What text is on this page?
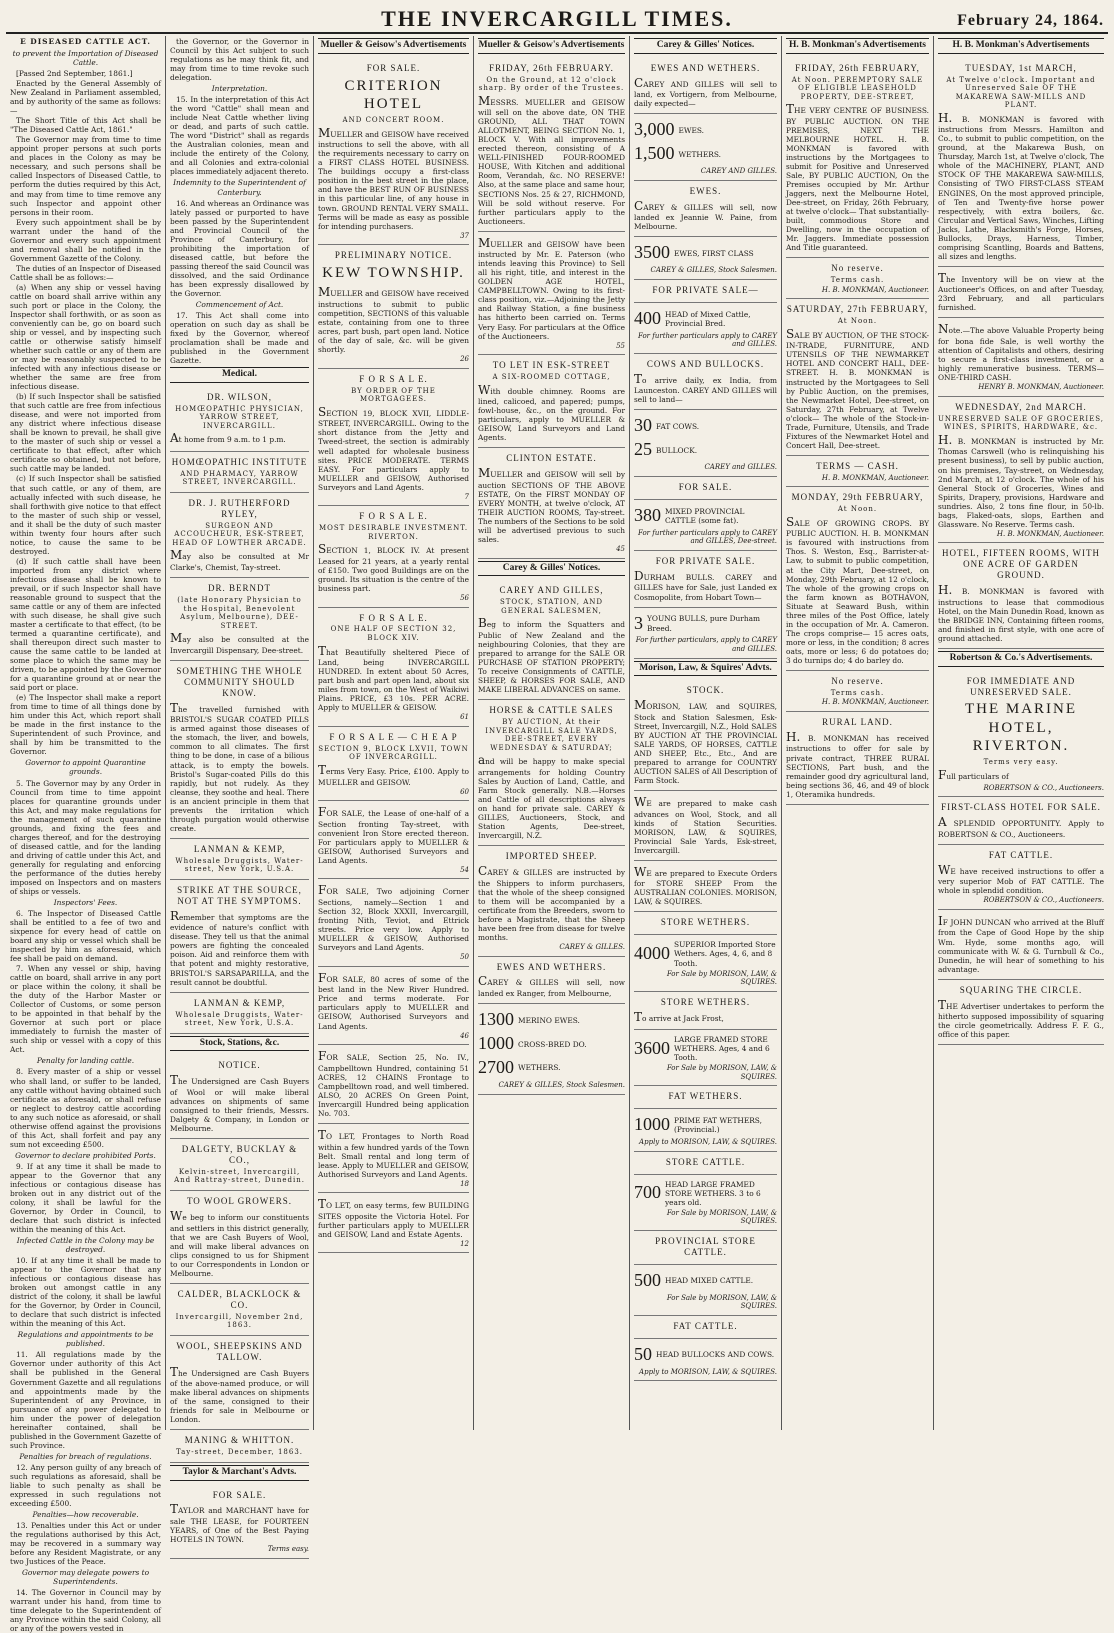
THE INVERCARGILL TIMES.	February 24, 1864.
E DISEASED CATTLE ACT.
to prevent the Importation of Diseased Cattle.

[Passed 2nd September, 1861.]

Enacted by the General Assembly of New Zealand in Parliament assembled, and by authority of the same as follows:—

The Short Title of this Act shall be "The Diseased Cattle Act, 1861."

The Governor may from time to time appoint proper persons at such ports and places in the Colony as may be necessary, and such persons shall be called Inspectors of Diseased Cattle, to perform the duties required by this Act, and may from time to time remove any such Inspector and appoint other persons in their room.

Every such appointment shall be by warrant under the hand of the Governor and every such appointment and removal shall be notified in the Government Gazette of the Colony.

The duties of an Inspector of Diseased Cattle shall be as follows:—

(a) When any ship or vessel having cattle on board shall arrive within any such port or place in the Colony, the Inspector shall forthwith, or as soon as conveniently can be, go on board such ship or vessel, and by inspecting such cattle or otherwise satisfy himself whether such cattle or any of them are or may be reasonably suspected to be infected with any infectious disease or whether the same are free from infectious disease.

(b) If such Inspector shall be satisfied that such cattle are free from infectious disease, and were not imported from any district where infectious disease shall be known to prevail, he shall give to the master of such ship or vessel a certificate to that effect, after which certificate so obtained, but not before, such cattle may be landed.

(c) If such Inspector shall be satisfied that such cattle, or any of them, are actually infected with such disease, he shall forthwith give notice to that effect to the master of such ship or vessel, and it shall be the duty of such master within twenty four hours after such notice, to cause the same to be destroyed.

(d) If such cattle shall have been imported from any district where infectious disease shall be known to prevail, or if such Inspector shall have reasonable ground to suspect that the same cattle or any of them are infected with such disease, he shall give such master a certificate to that effect, (to be termed a quarantine certificate), and shall thereupon direct such master to cause the same cattle to be landed at some place to which the same may be driven, to be appointed by the Governor for a quarantine ground at or near the said port or place.

(e) The Inspector shall make a report from time to time of all things done by him under this Act, which report shall be made in the first instance to the Superintendent of such Province, and shall by him be transmitted to the Governor.

Governor to appoint Quarantine grounds.

5. The Governor may by any Order in Council from time to time appoint places for quarantine grounds under this Act, and may make regulations for the management of such quarantine grounds, and fixing the fees and charges thereof, and for the destroying of diseased cattle, and for the landing and driving of cattle under this Act, and generally for regulating and enforcing the performance of the duties hereby imposed on Inspectors and on masters of ships or vessels.

Inspectors' Fees.

6. The Inspector of Diseased Cattle shall be entitled to a fee of two and sixpence for every head of cattle on board any ship or vessel which shall be inspected by him as aforesaid, which fee shall be paid on demand.

7. When any vessel or ship, having cattle on board, shall arrive in any port or place within the colony, it shall be the duty of the Harbor Master or Collector of Customs, or some person to be appointed in that behalf by the Governor at such port or place immediately to furnish the master of such ship or vessel with a copy of this Act.

Penalty for landing cattle.

8. Every master of a ship or vessel who shall land, or suffer to be landed, any cattle without having obtained such certificate as aforesaid, or shall refuse or neglect to destroy cattle according to any such notice as aforesaid, or shall otherwise offend against the provisions of this Act, shall forfeit and pay any sum not exceeding £500.

Governor to declare prohibited Ports.

9. If at any time it shall be made to appear to the Governor that any infectious or contagious disease has broken out in any district out of the colony, it shall be lawful for the Governor, by Order in Council, to declare that such district is infected within the meaning of this Act.

Infected Cattle in the Colony may be destroyed.

10. If at any time it shall be made to appear to the Governor that any infectious or contagious disease has broken out amongst cattle in any district of the colony, it shall be lawful for the Governor, by Order in Council, to declare that such district is infected within the meaning of this Act.

Regulations and appointments to be published.

11. All regulations made by the Governor under authority of this Act shall be published in the General Government Gazette and all regulations and appointments made by the Superintendent of any Province, in pursuance of any power delegated to him under the power of delegation hereinafter contained, shall be published in the Government Gazette of such Province.

Penalties for breach of regulations.

12. Any person guilty of any breach of such regulations as aforesaid, shall be liable to such penalty as shall be expressed in such regulations not exceeding £500.

Penalties—how recoverable.

13. Penalties under this Act or under the regulations authorised by this Act, may be recovered in a summary way before any Resident Magistrate, or any two Justices of the Peace.

Governor may delegate powers to Superintendents.

14. The Governor in Council may by warrant under his hand, from time to time delegate to the Superintendent of any Province within the said Colony, all or any of the powers vested in

the Governor, or the Governor in Council by this Act subject to such regulations as he may think fit, and may from time to time revoke such delegation.

Interpretation.

15. In the interpretation of this Act the word "Cattle" shall mean and include Neat Cattle whether living or dead, and parts of such cattle. The word "District" shall as regards the Australian colonies, mean and include the entirety of the Colony, and all Colonies and extra-colonial places immediately adjacent thereto.

Indemnity to the Superintendent of Canterbury.

16. And whereas an Ordinance was lately passed or purported to have been passed by the Superintendent and Provincial Council of the Province of Canterbury, for prohibiting the importation of diseased cattle, but before the passing thereof the said Council was dissolved, and the said Ordinance has been expressly disallowed by the Governor.

Commencement of Act.

17. This Act shall come into operation on such day as shall be fixed by the Governor, whereof proclamation shall be made and published in the Government Gazette.

Medical.
DR. WILSON,
HOMŒOPATHIC PHYSICIAN, YARROW STREET, INVERCARGILL.

At home from 9 a.m. to 1 p.m.

HOMŒOPATHIC INSTITUTE
AND PHARMACY, YARROW STREET, INVERCARGILL.
DR. J. RUTHERFORD RYLEY,
SURGEON AND ACCOUCHEUR, ESK-STREET, HEAD OF LOWTHER ARCADE.

May also be consulted at Mr Clarke's, Chemist, Tay-street.

DR. BERNDT
(late Honorary Physician to the Hospital, Benevolent Asylum, Melbourne), DEE-STREET.

May also be consulted at the Invercargill Dispensary, Dee-street.

SOMETHING THE WHOLE COMMUNITY SHOULD KNOW.

The travelled furnished with BRISTOL'S SUGAR COATED PILLS is armed against those diseases of the stomach, the liver, and bowels, common to all climates. The first thing to be done, in case of a bilious attack, is to empty the bowels. Bristol's Sugar-coated Pills do this rapidly, but not rudely. As they cleanse, they soothe and heal. There is an ancient principle in them that prevents the irritation which through purgation would otherwise create.

LANMAN & KEMP,
Wholesale Druggists, Water-street, New York, U.S.A.
STRIKE AT THE SOURCE, NOT AT THE SYMPTOMS.

Remember that symptoms are the evidence of nature's conflict with disease. They tell us that the animal powers are fighting the concealed poison. Aid and reinforce them with that potent and mighty restorative, BRISTOL'S SARSAPARILLA, and the result cannot be doubtful.

LANMAN & KEMP,
Wholesale Druggists, Water-street, New York, U.S.A.
Stock, Stations, &c.
NOTICE.

The Undersigned are Cash Buyers of Wool or will make liberal advances on shipments of same consigned to their friends, Messrs. Dalgety & Company, in London or Melbourne.

DALGETY, BUCKLAY & CO.,
Kelvin-street, Invercargill, And Rattray-street, Dunedin.
TO WOOL GROWERS.

We beg to inform our constituents and settlers in this district generally, that we are Cash Buyers of Wool, and will make liberal advances on clips consigned to us for Shipment to our Correspondents in London or Melbourne.

CALDER, BLACKLOCK & CO.
Invercargill, November 2nd, 1863.
WOOL, SHEEPSKINS AND TALLOW.

The Undersigned are Cash Buyers of the above-named produce, or will make liberal advances on shipments of the same, consigned to their friends for sale in Melbourne or London.

MANING & WHITTON.
Tay-street, December, 1863.
Taylor & Marchant's Advts.
FOR SALE.

TAYLOR and MARCHANT have for sale THE LEASE, for FOURTEEN YEARS, of One of the Best Paying HOTELS IN TOWN.

Terms easy.
Mueller & Geisow's Advertisements
FOR SALE.
CRITERION HOTEL
AND CONCERT ROOM.

MUELLER and GEISOW have received instructions to sell the above, with all the requirements necessary to carry on a FIRST CLASS HOTEL BUSINESS. The buildings occupy a first-class position in the best street in the place, and have the BEST RUN OF BUSINESS in this particular line, of any house in town. GROUND RENTAL VERY SMALL. Terms will be made as easy as possible for intending purchasers.

37
PRELIMINARY NOTICE.
KEW TOWNSHIP.

MUELLER and GEISOW have received instructions to submit to public competition, SECTIONS of this valuable estate, containing from one to three acres, part bush, part open land. Notice of the day of sale, &c. will be given shortly.

26
F O R S A L E.
BY ORDER OF THE MORTGAGEES.

SECTION 19, BLOCK XVII, LIDDLE-STREET, INVERCARGILL. Owing to the short distance from the Jetty and Tweed-street, the section is admirably well adapted for wholesale business sites. PRICE MODERATE. TERMS EASY. For particulars apply to MUELLER and GEISOW, Authorised Surveyors and Land Agents.

7
F O R S A L E.
MOST DESIRABLE INVESTMENT. RIVERTON.

SECTION 1, BLOCK IV. At present Leased for 21 years, at a yearly rental of £150. Two good Buildings are on the ground. Its situation is the centre of the business part.

56
F O R S A L E.
ONE HALF OF SECTION 32, BLOCK XIV.

That Beautifully sheltered Piece of Land, being INVERCARGILL HUNDRED. In extent about 50 Acres, part bush and part open land, about six miles from town, on the West of Waikiwi Plains. PRICE, £3 10s. PER ACRE. Apply to MUELLER & GEISOW.

61
F O R S A L E — C H E A P
SECTION 9, BLOCK LXVII, TOWN OF INVERCARGILL.

Terms Very Easy. Price, £100. Apply to MUELLER and GEISOW.

60

FOR SALE, the Lease of one-half of a Section fronting Tay-street, with convenient Iron Store erected thereon. For particulars apply to MUELLER & GEISOW, Authorised Surveyors and Land Agents.

54

FOR SALE, Two adjoining Corner Sections, namely—Section 1 and Section 32, Block XXXII, Invercargill, fronting Nith, Teviot, and Ettrick streets. Price very low. Apply to MUELLER & GEISOW, Authorised Surveyors and Land Agents.

50

FOR SALE, 80 acres of some of the best land in the New River Hundred. Price and terms moderate. For particulars apply to MUELLER and GEISOW, Authorised Surveyors and Land Agents.

46

FOR SALE, Section 25, No. IV., Campbelltown Hundred, containing 51 ACRES, 12 CHAINS Frontage to Campbelltown road, and well timbered. ALSO, 20 ACRES On Green Point, Invercargill Hundred being application No. 703.

TO LET, Frontages to North Road within a few hundred yards of the Town Belt. Small rental and long term of lease. Apply to MUELLER and GEISOW, Authorised Surveyors and Land Agents.

18

TO LET, on easy terms, few BUILDING SITES opposite the Victoria Hotel. For further particulars apply to MUELLER and GEISOW, Land and Estate Agents.

12
Mueller & Geisow's Advertisements
FRIDAY, 26th FEBRUARY.
On the Ground, at 12 o'clock sharp. By order of the Trustees.

MESSRS. MUELLER and GEISOW will sell on the above date, ON THE GROUND, ALL THAT TOWN ALLOTMENT, BEING SECTION No. 1, BLOCK V. With all improvements erected thereon, consisting of A WELL-FINISHED FOUR-ROOMED HOUSE, With Kitchen and additional Room, Verandah, &c. NO RESERVE! Also, at the same place and same hour, SECTIONS Nos. 25 & 27, RICHMOND, Will be sold without reserve. For further particulars apply to the Auctioneers.

MUELLER and GEISOW have been instructed by Mr. E. Paterson (who intends leaving this Province) to Sell all his right, title, and interest in the GOLDEN AGE HOTEL, CAMPBELLTOWN. Owing to its first-class position, viz.—Adjoining the Jetty and Railway Station, a fine business has hitherto been carried on. Terms Very Easy. For particulars at the Office of the Auctioneers.

55
TO LET IN ESK-STREET
A SIX-ROOMED COTTAGE,

With double chimney. Rooms are lined, calicoed, and papered; pumps, fowl-house, &c., on the ground. For particulars, apply to MUELLER & GEISOW, Land Surveyors and Land Agents.

CLINTON ESTATE.

MUELLER and GEISOW will sell by auction SECTIONS OF THE ABOVE ESTATE, On the FIRST MONDAY OF EVERY MONTH, at twelve o'clock, AT THEIR AUCTION ROOMS, Tay-street. The numbers of the Sections to be sold will be advertised previous to such sales.

45
Carey & Gilles' Notices.
CAREY AND GILLES,
STOCK, STATION, AND GENERAL SALESMEN,

Beg to inform the Squatters and Public of New Zealand and the neighbouring Colonies, that they are prepared to arrange for the SALE OR PURCHASE OF STATION PROPERTY; To receive Consignments of CATTLE, SHEEP, & HORSES FOR SALE, AND MAKE LIBERAL ADVANCES on same.

HORSE & CATTLE SALES
BY AUCTION, At their INVERCARGILL SALE YARDS, DEE-STREET, EVERY WEDNESDAY & SATURDAY;

and will be happy to make special arrangements for holding Country Sales by Auction of Land, Cattle, and Farm Stock generally. N.B.—Horses and Cattle of all descriptions always on hand for private sale. CAREY & GILLES, Auctioneers, Stock, and Station Agents, Dee-street, Invercargill, N.Z.

IMPORTED SHEEP.

CAREY & GILLES are instructed by the Shippers to inform purchasers, that the whole of the sheep consigned to them will be accompanied by a certificate from the Breeders, sworn to before a Magistrate, that the Sheep have been free from disease for twelve months.

CAREY & GILLES.
EWES AND WETHERS.

CAREY & GILLES will sell, now landed ex Ranger, from Melbourne,

1300 MERINO EWES.
1000 CROSS-BRED DO.
2700 WETHERS.
CAREY & GILLES, Stock Salesmen.
Carey & Gilles' Notices.
EWES AND WETHERS.

CAREY AND GILLES will sell to land, ex Vortigern, from Melbourne, daily expected—

3,000 EWES.
1,500 WETHERS.
CAREY AND GILLES.
EWES.

CAREY & GILLES will sell, now landed ex Jeannie W. Paine, from Melbourne.

3500 EWES, FIRST CLASS
CAREY & GILLES, Stock Salesmen.
FOR PRIVATE SALE—
400 HEAD of Mixed Cattle, Provincial Bred.
For further particulars apply to CAREY and GILLES.
COWS AND BULLOCKS.

To arrive daily, ex India, from Launceston. CAREY AND GILLES will sell to land—

30 FAT COWS.
25 BULLOCK.
CAREY and GILLES.
FOR SALE.
380 MIXED PROVINCIAL CATTLE (some fat).
For further particulars apply to CAREY and GILLES, Dee-street.
FOR PRIVATE SALE.

DURHAM BULLS. CAREY and GILLES have for Sale, just Landed ex Cosmopolite, from Hobart Town—

3 YOUNG BULLS, pure Durham Breed.
For further particulars, apply to CAREY and GILLES.
Morison, Law, & Squires' Advts.
STOCK.

MORISON, LAW, and SQUIRES, Stock and Station Salesmen, Esk-Street, Invercargill, N.Z., Hold SALES BY AUCTION AT THE PROVINCIAL SALE YARDS, OF HORSES, CATTLE AND SHEEP, Etc., Etc., And are prepared to arrange for COUNTRY AUCTION SALES of All Description of Farm Stock.

WE are prepared to make cash advances on Wool, Stock, and all kinds of Station Securities. MORISON, LAW, & SQUIRES, Provincial Sale Yards, Esk-street, Invercargill.

WE are prepared to Execute Orders for STORE SHEEP From the AUSTRALIAN COLONIES. MORISON, LAW, & SQUIRES.

STORE WETHERS.
4000 SUPERIOR Imported Store Wethers. Ages, 4, 6, and 8 Tooth.
For Sale by MORISON, LAW, & SQUIRES.
STORE WETHERS.

To arrive at Jack Frost,

3600 LARGE FRAMED STORE WETHERS. Ages, 4 and 6 Tooth.
For Sale by MORISON, LAW, & SQUIRES.
FAT WETHERS.
1000 PRIME FAT WETHERS, (Provincial.)
Apply to MORISON, LAW, & SQUIRES.
STORE CATTLE.
700 HEAD LARGE FRAMED STORE WETHERS. 3 to 6 years old.
For Sale by MORISON, LAW, & SQUIRES.
PROVINCIAL STORE CATTLE.
500 HEAD MIXED CATTLE.
For Sale by MORISON, LAW, & SQUIRES.
FAT CATTLE.
50 HEAD BULLOCKS AND COWS.
Apply to MORISON, LAW, & SQUIRES.
H. B. Monkman's Advertisements
FRIDAY, 26th FEBRUARY,
At Noon. PEREMPTORY SALE OF ELIGIBLE LEASEHOLD PROPERTY, DEE-STREET,

THE VERY CENTRE OF BUSINESS. BY PUBLIC AUCTION. ON THE PREMISES, NEXT THE MELBOURNE HOTEL. H. B. MONKMAN is favored with instructions by the Mortgagees to submit for Positive and Unreserved Sale, BY PUBLIC AUCTION, On the Premises occupied by Mr. Arthur Jaggers, next the Melbourne Hotel, Dee-street, on Friday, 26th February, at twelve o'clock— That substantially-built, commodious Store and Dwelling, now in the occupation of Mr. Jaggers. Immediate possession And Title guaranteed.

No reserve.
Terms cash.
H. B. MONKMAN, Auctioneer.
SATURDAY, 27th FEBRUARY,
At Noon.

SALE BY AUCTION, OF THE STOCK-IN-TRADE, FURNITURE, AND UTENSILS OF THE NEWMARKET HOTEL AND CONCERT HALL, DEE-STREET. H. B. MONKMAN is instructed by the Mortgagees to Sell by Public Auction, on the premises, the Newmarket Hotel, Dee-street, on Saturday, 27th February, at Twelve o'clock— The whole of the Stock-in-Trade, Furniture, Utensils, and Trade Fixtures of the Newmarket Hotel and Concert Hall, Dee-street.

TERMS — CASH.
H. B. MONKMAN, Auctioneer.
MONDAY, 29th FEBRUARY,
At Noon.

SALE OF GROWING CROPS. BY PUBLIC AUCTION. H. B. MONKMAN is favoured with instructions from Thos. S. Weston, Esq., Barrister-at-Law, to submit to public competition, at the City Mart, Dee-street, on Monday, 29th February, at 12 o'clock, The whole of the growing crops on the farm known as BOTHAVON, Situate at Seaward Bush, within three miles of the Post Office, lately in the occupation of Mr. A. Cameron. The crops comprise— 15 acres oats, more or less, in the condition; 8 acres oats, more or less; 6 do potatoes do; 3 do turnips do; 4 do barley do.

No reserve.
Terms cash.
H. B. MONKMAN, Auctioneer.
RURAL LAND.

H. B. MONKMAN has received instructions to offer for sale by private contract, THREE RURAL SECTIONS, Part bush, and the remainder good dry agricultural land, being sections 36, 46, and 49 of block 1, Oteramika hundreds.

H. B. Monkman's Advertisements
TUESDAY, 1st MARCH,
At Twelve o'clock. Important and Unreserved Sale OF THE MAKAREWA SAW-MILLS AND PLANT.

H. B. MONKMAN is favored with instructions from Messrs. Hamilton and Co., to submit to public competition, on the ground, at the Makarewa Bush, on Thursday, March 1st, at Twelve o'clock, The whole of the MACHINERY, PLANT, AND STOCK OF THE MAKAREWA SAW-MILLS, Consisting of TWO FIRST-CLASS STEAM ENGINES, On the most approved principle, of Ten and Twenty-five horse power respectively, with extra boilers, &c. Circular and Vertical Saws, Winches, Lifting Jacks, Lathe, Blacksmith's Forge, Horses, Bullocks, Drays, Harness, Timber, comprising Scantling, Boards and Battens, all sizes and lengths.

The Inventory will be on view at the Auctioneer's Offices, on and after Tuesday, 23rd February, and all particulars furnished.

Note.—The above Valuable Property being for bona fide Sale, is well worthy the attention of Capitalists and others, desiring to secure a first-class investment, or a highly remunerative business. TERMS—ONE-THIRD CASH.

HENRY B. MONKMAN, Auctioneer.
WEDNESDAY, 2nd MARCH.
UNRESERVED SALE OF GROCERIES, WINES, SPIRITS, HARDWARE, &c.

H. B. MONKMAN is instructed by Mr. Thomas Carswell (who is relinquishing his present business), to sell by public auction, on his premises, Tay-street, on Wednesday, 2nd March, at 12 o'clock. The whole of his General Stock of Groceries, Wines and Spirits, Drapery, provisions, Hardware and sundries. Also, 2 tons fine flour, in 50-lb. bags, Flaked-oats, slops, Earthen and Glassware. No Reserve. Terms cash.

H. B. MONKMAN, Auctioneer.
HOTEL, FIFTEEN ROOMS, WITH ONE ACRE OF GARDEN GROUND.

H. B. MONKMAN is favored with instructions to lease that commodious Hotel, on the Main Dunedin Road, known as the BRIDGE INN, Containing fifteen rooms, and finished in first style, with one acre of ground attached.

Robertson & Co.'s Advertisements.
FOR IMMEDIATE AND UNRESERVED SALE.
THE MARINE HOTEL, RIVERTON.
Terms very easy.

Full particulars of

ROBERTSON & CO., Auctioneers.
FIRST-CLASS HOTEL FOR SALE.

A SPLENDID OPPORTUNITY. Apply to ROBERTSON & CO., Auctioneers.

FAT CATTLE.

WE have received instructions to offer a very superior Mob of FAT CATTLE. The whole in splendid condition.

ROBERTSON & CO., Auctioneers.

IF JOHN DUNCAN who arrived at the Bluff from the Cape of Good Hope by the ship Wm. Hyde, some months ago, will communicate with W. & G. Turnbull & Co., Dunedin, he will hear of something to his advantage.

SQUARING THE CIRCLE.

THE Advertiser undertakes to perform the hitherto supposed impossibility of squaring the circle geometrically. Address F. F. G., office of this paper.
